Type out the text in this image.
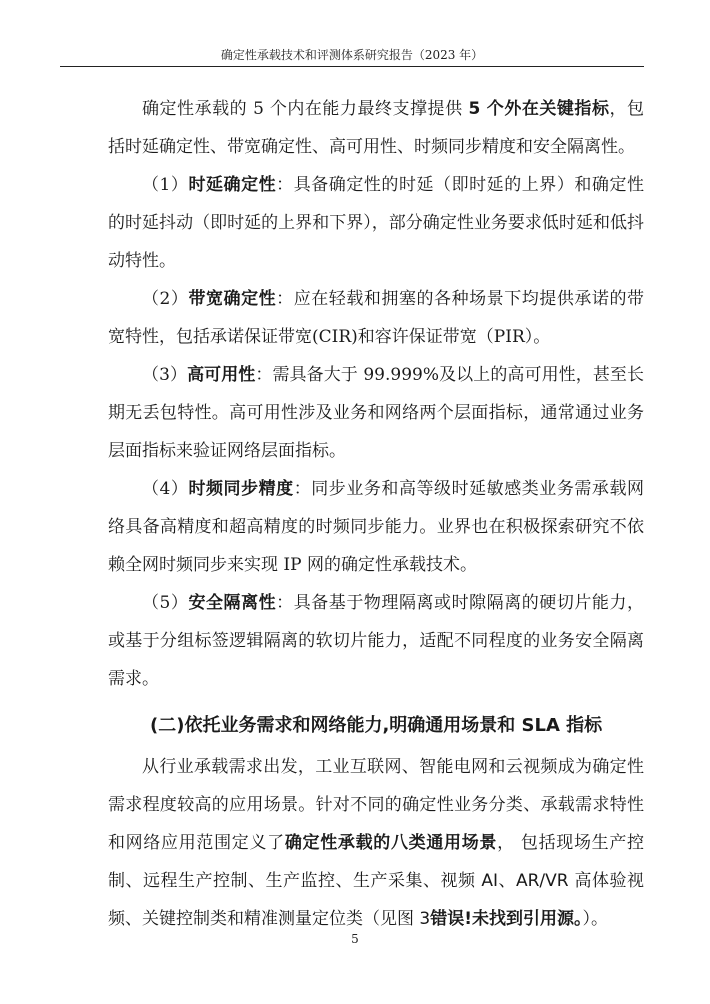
确定性承载技术和评测体系研究报告（2023 年）

确定性承载的 5 个内在能力最终支撑提供 5 个外在关键指标，包括时延确定性、带宽确定性、高可用性、时频同步精度和安全隔离性。

（1）时延确定性：具备确定性的时延（即时延的上界）和确定性的时延抖动（即时延的上界和下界），部分确定性业务要求低时延和低抖动特性。

（2）带宽确定性：应在轻载和拥塞的各种场景下均提供承诺的带宽特性，包括承诺保证带宽(CIR)和容许保证带宽（PIR）。

（3）高可用性：需具备大于 99.999%及以上的高可用性，甚至长期无丢包特性。高可用性涉及业务和网络两个层面指标，通常通过业务层面指标来验证网络层面指标。

（4）时频同步精度：同步业务和高等级时延敏感类业务需承载网络具备高精度和超高精度的时频同步能力。业界也在积极探索研究不依赖全网时频同步来实现 IP 网的确定性承载技术。

（5）安全隔离性：具备基于物理隔离或时隙隔离的硬切片能力，或基于分组标签逻辑隔离的软切片能力，适配不同程度的业务安全隔离需求。

(二)依托业务需求和网络能力,明确通用场景和 SLA 指标

从行业承载需求出发，工业互联网、智能电网和云视频成为确定性需求程度较高的应用场景。针对不同的确定性业务分类、承载需求特性和网络应用范围定义了确定性承载的八类通用场景， 包括现场生产控制、远程生产控制、生产监控、生产采集、视频 AI、AR/VR 高体验视频、关键控制类和精准测量定位类（见图 3错误!未找到引用源。）。

5
